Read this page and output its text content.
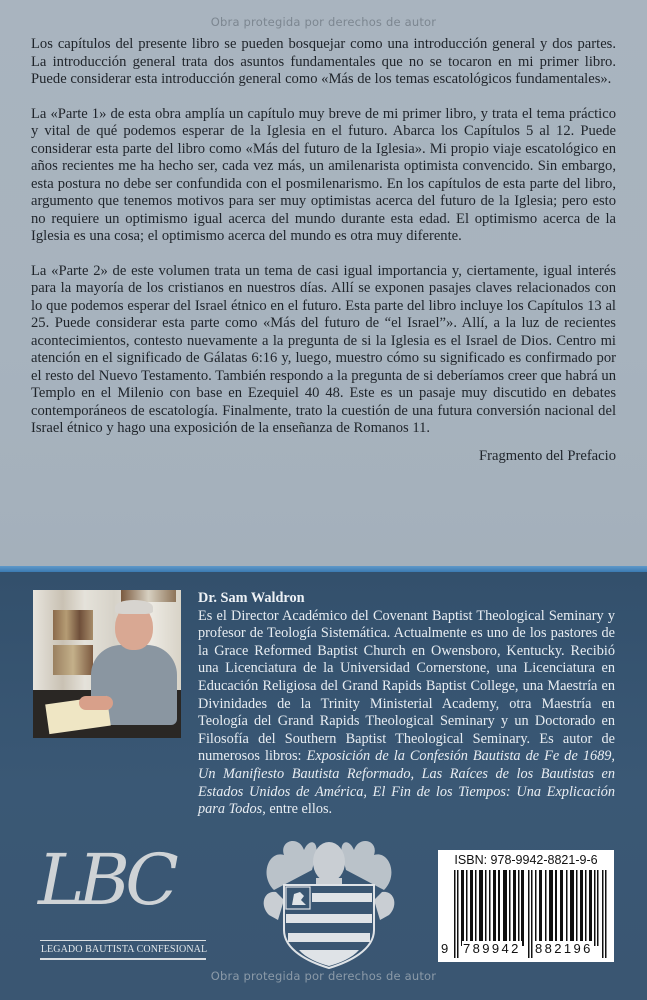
Obra protegida por derechos de autor

Los capítulos del presente libro se pueden bosquejar como una introducción general y dos partes. La introducción general trata dos asuntos fundamentales que no se tocaron en mi primer libro. Puede considerar esta introducción general como «Más de los temas escatológicos fundamentales».

La «Parte 1» de esta obra amplía un capítulo muy breve de mi primer libro, y trata el tema práctico y vital de qué podemos esperar de la Iglesia en el futuro. Abarca los Capítulos 5 al 12. Puede considerar esta parte del libro como «Más del futuro de la Iglesia». Mi propio viaje escatológico en años recientes me ha hecho ser, cada vez más, un amilenarista optimista convencido. Sin embargo, esta postura no debe ser confundida con el posmilenarismo. En los capítulos de esta parte del libro, argumento que tenemos motivos para ser muy optimistas acerca del futuro de la Iglesia; pero esto no requiere un optimismo igual acerca del mundo durante esta edad. El optimismo acerca de la Iglesia es una cosa; el optimismo acerca del mundo es otra muy diferente.

La «Parte 2» de este volumen trata un tema de casi igual importancia y, ciertamente, igual interés para la mayoría de los cristianos en nuestros días. Allí se exponen pasajes claves relacionados con lo que podemos esperar del Israel étnico en el futuro. Esta parte del libro incluye los Capítulos 13 al 25. Puede considerar esta parte como «Más del futuro de “el Israel”». Allí, a la luz de recientes acontecimientos, contesto nuevamente a la pregunta de si la Iglesia es el Israel de Dios. Centro mi atención en el significado de Gálatas 6:16 y, luego, muestro cómo su significado es confirmado por el resto del Nuevo Testamento. También respondo a la pregunta de si deberíamos creer que habrá un Templo en el Milenio con base en Ezequiel 40 48. Este es un pasaje muy discutido en debates contemporáneos de escatología. Finalmente, trato la cuestión de una futura conversión nacional del Israel étnico y hago una exposición de la enseñanza de Romanos 11.

Fragmento del Prefacio
Dr. Sam Waldron
Es el Director Académico del Covenant Baptist Theological Seminary y profesor de Teología Sistemática. Actualmente es uno de los pastores de la Grace Reformed Baptist Church en Owensboro, Kentucky. Recibió una Licenciatura de la Universidad Cornerstone, una Licenciatura en Educación Religiosa del Grand Rapids Baptist College, una Maestría en Divinidades de la Trinity Ministerial Academy, otra Maestría en Teología del Grand Rapids Theological Seminary y un Doctorado en Filosofía del Southern Baptist Theological Seminary. Es autor de numerosos libros: Exposición de la Confesión Bautista de Fe de 1689, Un Manifiesto Bautista Reformado, Las Raíces de los Bautistas en Estados Unidos de América, El Fin de los Tiempos: Una Explicación para Todos, entre ellos.
LBC
LEGADO BAUTISTA CONFESIONAL
ISBN: 978-9942-8821-9-6
9 789942 882196
Obra protegida por derechos de autor
